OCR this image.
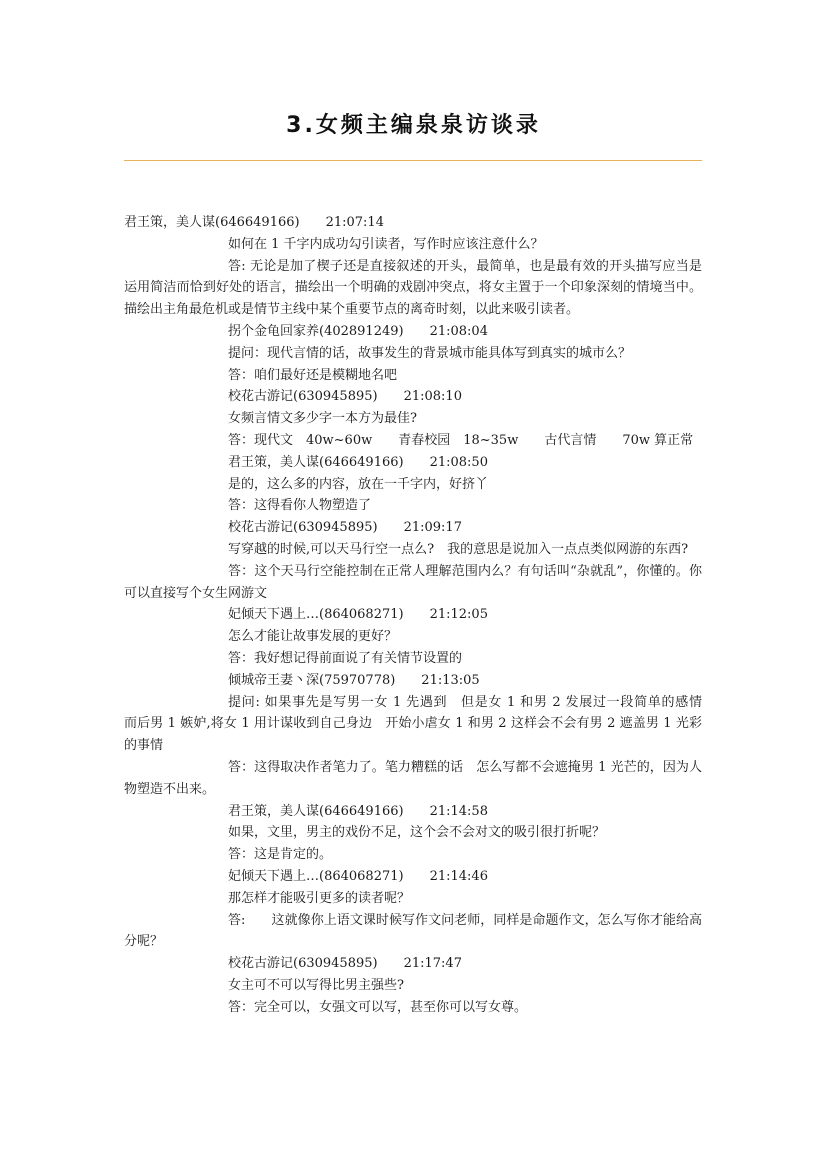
3.女频主编泉泉访谈录
君王策，美人谋(646649166)　　21:07:14
如何在 1 千字内成功勾引读者，写作时应该注意什么？
答: 无论是加了楔子还是直接叙述的开头，最简单，也是最有效的开头描写应当是运用简洁而恰到好处的语言，描绘出一个明确的戏剧冲突点，将女主置于一个印象深刻的情境当中。描绘出主角最危机或是情节主线中某个重要节点的离奇时刻，以此来吸引读者。
拐个金龟回家养(402891249)　　21:08:04
提问：现代言情的话，故事发生的背景城市能具体写到真实的城市么？
答：咱们最好还是模糊地名吧
校花古游记(630945895)　　21:08:10
女频言情文多少字一本方为最佳?
答：现代文　40w~60w　　青春校园　18~35w　　古代言情　　70w 算正常
君王策，美人谋(646649166)　　21:08:50
是的，这么多的内容，放在一千字内，好挤丫
答：这得看你人物塑造了
校花古游记(630945895)　　21:09:17
写穿越的时候,可以天马行空一点么?　我的意思是说加入一点点类似网游的东西?
答：这个天马行空能控制在正常人理解范围内么？有句话叫“杂就乱”，你懂的。你可以直接写个女生网游文
妃倾天下遇上…(864068271)　　21:12:05
怎么才能让故事发展的更好？
答：我好想记得前面说了有关情节设置的
倾城帝王妻丶深(75970778)　　21:13:05
提问: 如果事先是写男一女 1 先遇到　但是女 1 和男 2 发展过一段简单的感情　而后男 1 嫉妒,将女 1 用计谋收到自己身边　开始小虐女 1 和男 2 这样会不会有男 2 遮盖男 1 光彩的事情
答：这得取决作者笔力了。笔力糟糕的话　怎么写都不会遮掩男 1 光芒的，因为人物塑造不出来。
君王策，美人谋(646649166)　　21:14:58
如果，文里，男主的戏份不足，这个会不会对文的吸引很打折呢？
答：这是肯定的。
妃倾天下遇上…(864068271)　　21:14:46
那怎样才能吸引更多的读者呢？
答:　　这就像你上语文课时候写作文问老师，同样是命题作文，怎么写你才能给高分呢？
校花古游记(630945895)　　21:17:47
女主可不可以写得比男主强些?
答：完全可以，女强文可以写，甚至你可以写女尊。
